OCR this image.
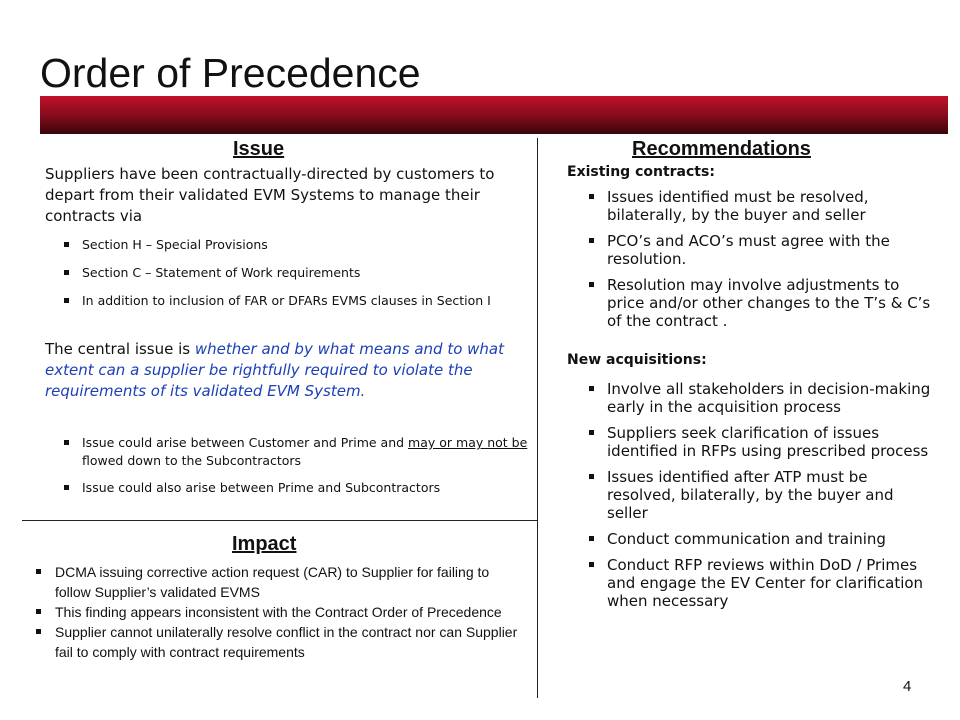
Order of Precedence
Issue
Suppliers have been contractually-directed by customers to depart from their validated EVM Systems to manage their contracts via
Section H – Special Provisions
Section C – Statement of Work requirements
In addition to inclusion of FAR or DFARs EVMS clauses in Section I
The central issue is whether and by what means and to what extent can a supplier be rightfully required to violate the requirements of its validated EVM System.
Issue could arise between Customer and Prime and may or may not be flowed down to the Subcontractors
Issue could also arise between Prime and Subcontractors
Impact
DCMA issuing corrective action request (CAR) to Supplier for failing to follow Supplier’s validated EVMS
This finding appears inconsistent with the Contract Order of Precedence
Supplier cannot unilaterally resolve conflict in the contract nor can Supplier fail to comply with contract requirements
Recommendations
Existing contracts:
Issues identified must be resolved, bilaterally, by the buyer and seller
PCO’s and ACO’s must agree with the resolution.
Resolution may involve adjustments to price and/or other changes to the T’s & C’s of the contract .
New acquisitions:
Involve all stakeholders in decision-making early in the acquisition process
Suppliers seek clarification of issues identified in RFPs using prescribed process
Issues identified after ATP must be resolved, bilaterally, by the buyer and seller
Conduct communication and training
Conduct RFP reviews within DoD / Primes and engage the EV Center for clarification when necessary
4
